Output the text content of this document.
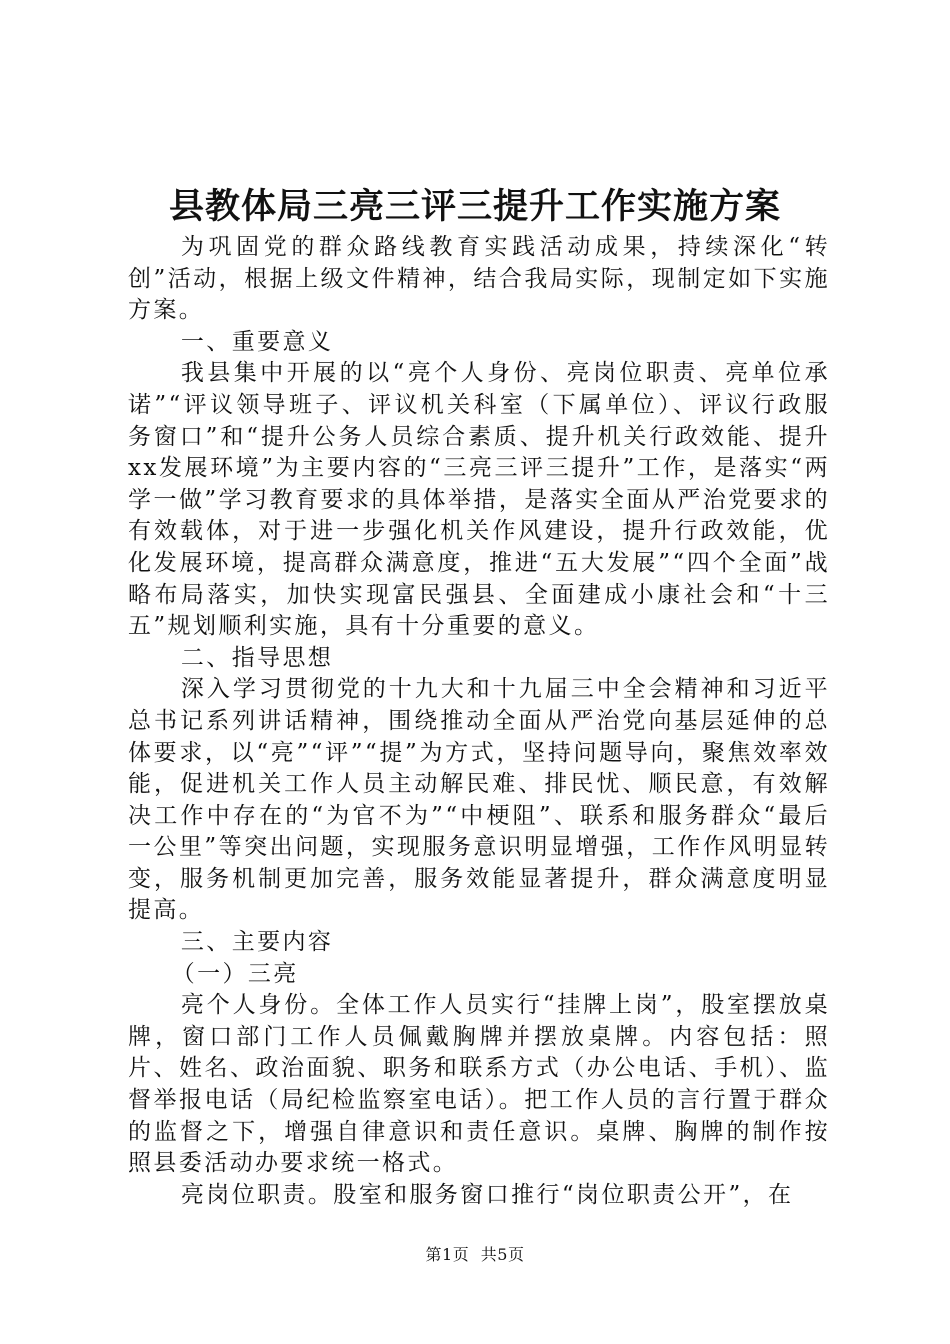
县教体局三亮三评三提升工作实施方案

为巩固党的群众路线教育实践活动成果，持续深化“转创”活动，根据上级文件精神，结合我局实际，现制定如下实施方案。

一、重要意义

我县集中开展的以“亮个人身份、亮岗位职责、亮单位承诺”“评议领导班子、评议机关科室（下属单位）、评议行政服务窗口”和“提升公务人员综合素质、提升机关行政效能、提升xx发展环境”为主要内容的“三亮三评三提升”工作，是落实“两学一做”学习教育要求的具体举措，是落实全面从严治党要求的有效载体，对于进一步强化机关作风建设，提升行政效能，优化发展环境，提高群众满意度，推进“五大发展”“四个全面”战略布局落实，加快实现富民强县、全面建成小康社会和“十三五”规划顺利实施，具有十分重要的意义。

二、指导思想

深入学习贯彻党的十九大和十九届三中全会精神和习近平总书记系列讲话精神，围绕推动全面从严治党向基层延伸的总体要求，以“亮”“评”“提”为方式，坚持问题导向，聚焦效率效能，促进机关工作人员主动解民难、排民忧、顺民意，有效解决工作中存在的“为官不为”“中梗阻”、联系和服务群众“最后一公里”等突出问题，实现服务意识明显增强，工作作风明显转变，服务机制更加完善，服务效能显著提升，群众满意度明显提高。

三、主要内容

（一）三亮

亮个人身份。全体工作人员实行“挂牌上岗”，股室摆放桌牌，窗口部门工作人员佩戴胸牌并摆放桌牌。内容包括：照片、姓名、政治面貌、职务和联系方式（办公电话、手机）、监督举报电话（局纪检监察室电话）。把工作人员的言行置于群众的监督之下，增强自律意识和责任意识。桌牌、胸牌的制作按照县委活动办要求统一格式。

亮岗位职责。股室和服务窗口推行“岗位职责公开”，在

第1页 共5页
